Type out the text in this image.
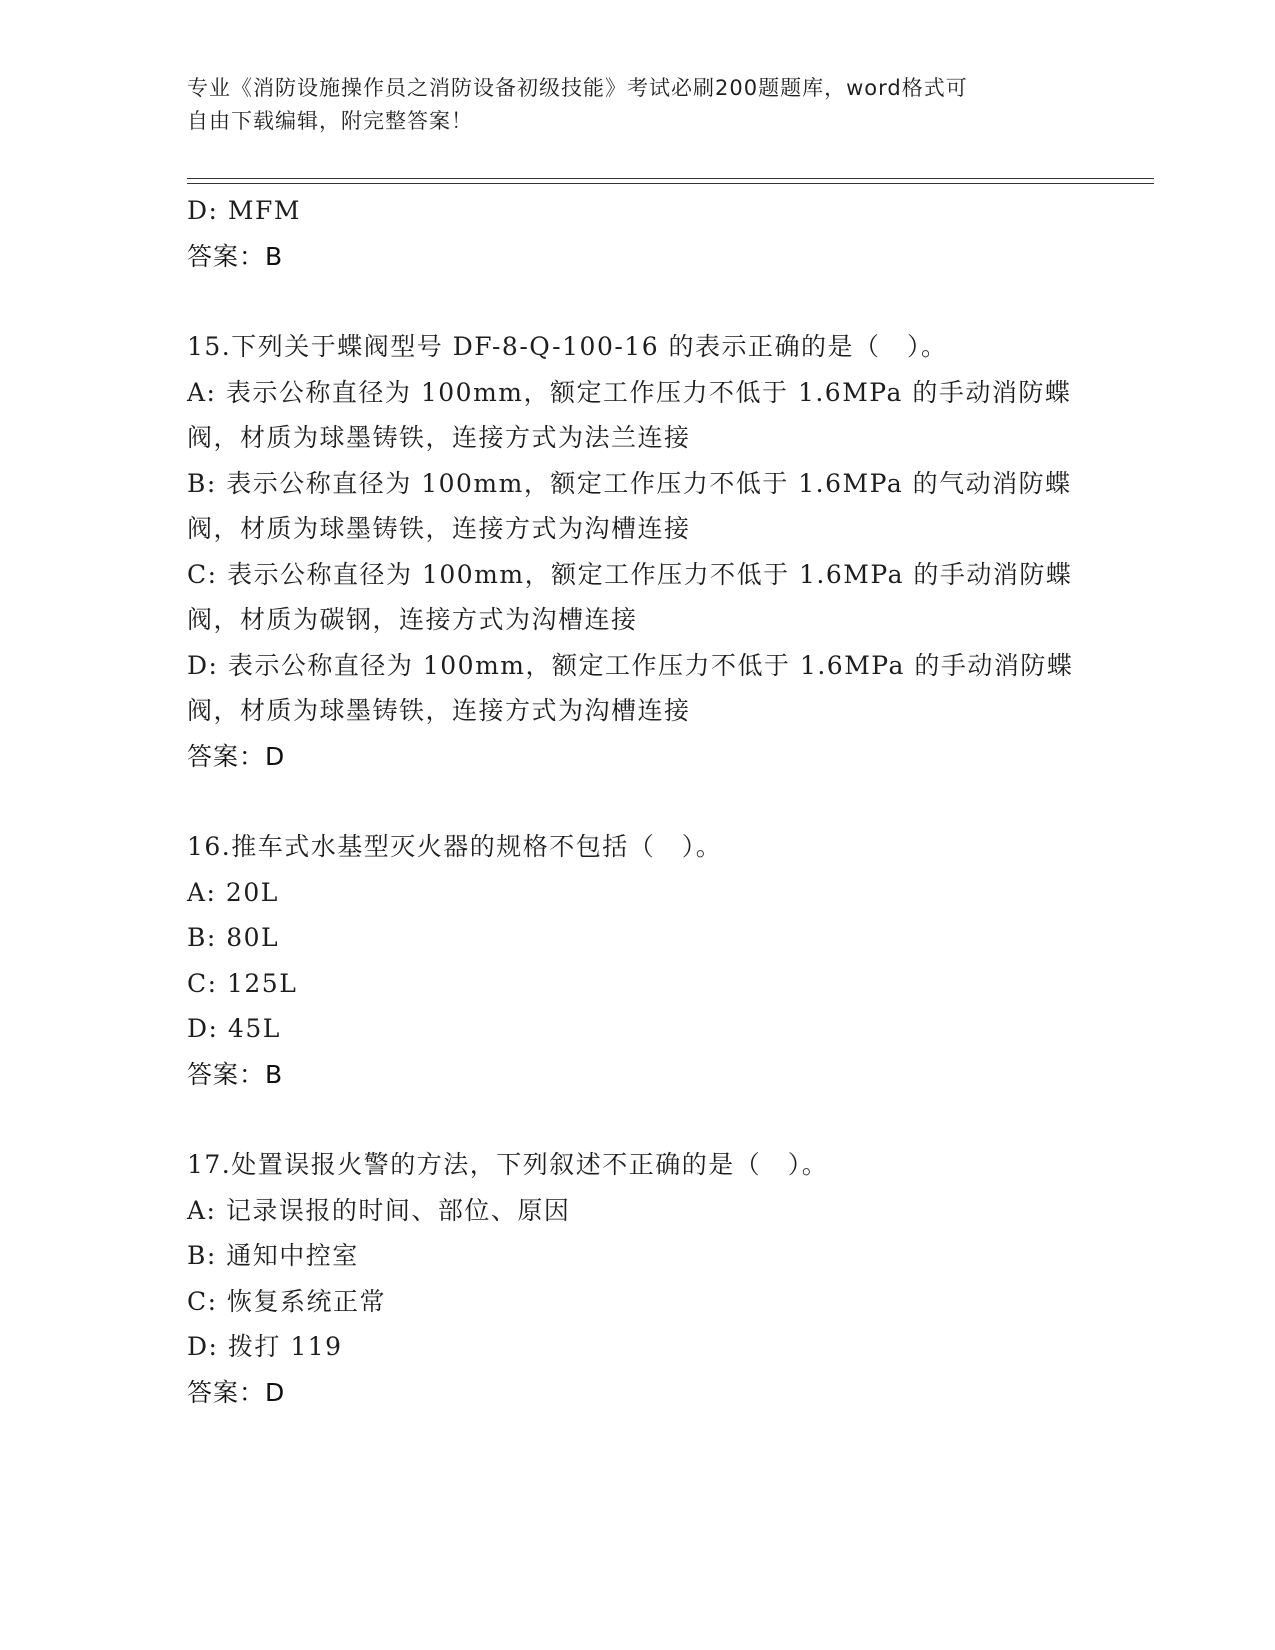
专业《消防设施操作员之消防设备初级技能》考试必刷200题题库，word格式可
自由下载编辑，附完整答案！
D: MFM
答案：B
15.下列关于蝶阀型号 DF-8-Q-100-16 的表示正确的是（　）。
A: 表示公称直径为 100mm，额定工作压力不低于 1.6MPa 的手动消防蝶
阀，材质为球墨铸铁，连接方式为法兰连接
B: 表示公称直径为 100mm，额定工作压力不低于 1.6MPa 的气动消防蝶
阀，材质为球墨铸铁，连接方式为沟槽连接
C: 表示公称直径为 100mm，额定工作压力不低于 1.6MPa 的手动消防蝶
阀，材质为碳钢，连接方式为沟槽连接
D: 表示公称直径为 100mm，额定工作压力不低于 1.6MPa 的手动消防蝶
阀，材质为球墨铸铁，连接方式为沟槽连接
答案：D
16.推车式水基型灭火器的规格不包括（　）。
A: 20L
B: 80L
C: 125L
D: 45L
答案：B
17.处置误报火警的方法，下列叙述不正确的是（　）。
A: 记录误报的时间、部位、原因
B: 通知中控室
C: 恢复系统正常
D: 拨打 119
答案：D
